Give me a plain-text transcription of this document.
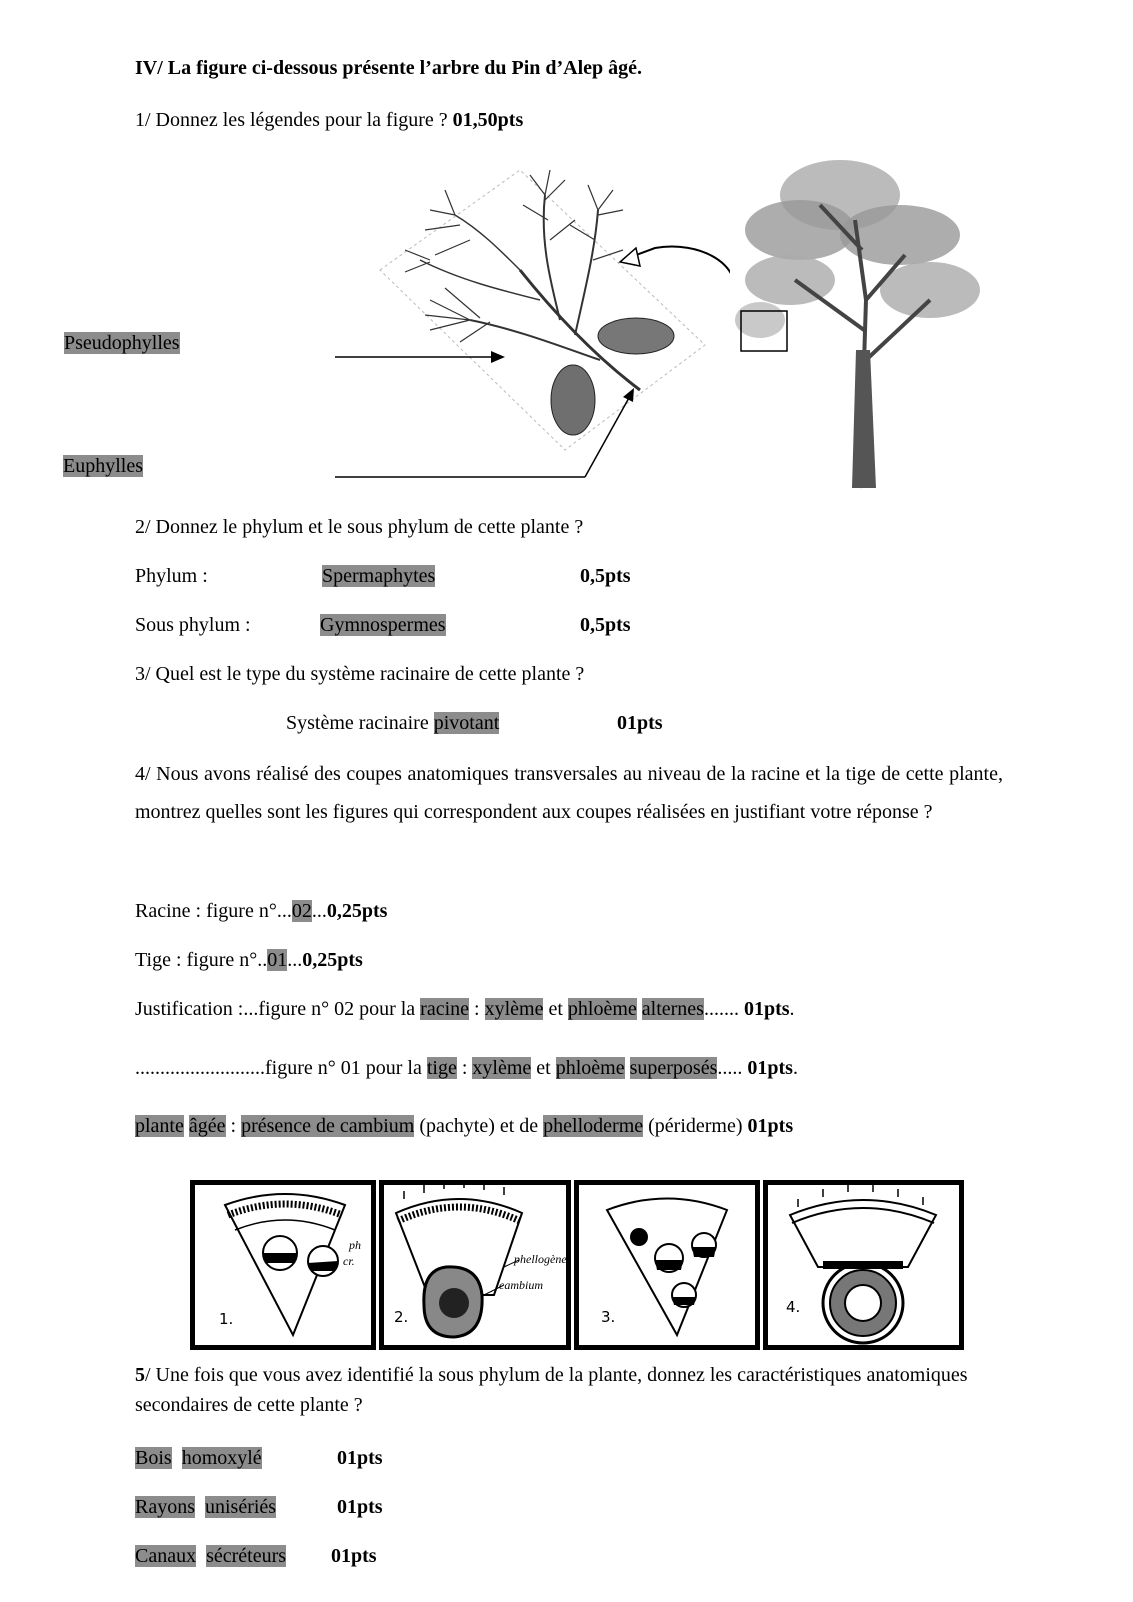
IV/ La figure ci-dessous présente l’arbre du Pin d’Alep âgé.
1/ Donnez les légendes pour la figure ? 01,50pts
Pseudophylles
Euphylles
2/ Donnez le phylum et le sous phylum de cette plante ?
Phylum :	Spermaphytes	0,5pts
Sous phylum :	Gymnospermes	0,5pts
3/ Quel est le type du système racinaire de cette plante ?
Système racinaire pivotant	01pts
4/ Nous avons réalisé des coupes anatomiques transversales au niveau de la racine et la tige de cette plante, montrez quelles sont les figures qui correspondent aux coupes réalisées en justifiant votre réponse ?
Racine : figure n°...02...0,25pts
Tige : figure n°..01...0,25pts
Justification :...figure n° 02 pour la racine : xylème et phloème alternes....... 01pts.
..........................figure n° 01 pour la tige : xylème et phloème superposés..... 01pts.
plante âgée : présence de cambium (pachyte) et de phelloderme (périderme) 01pts
1.
ph
cr.
2.
phellogène
cambium
3.
4.
5/ Une fois que vous avez identifié la sous phylum de la plante, donnez les caractéristiques anatomiques secondaires de cette plante ?
Bois homoxylé	01pts
Rayons unisériés	01pts
Canaux sécréteurs 01pts
